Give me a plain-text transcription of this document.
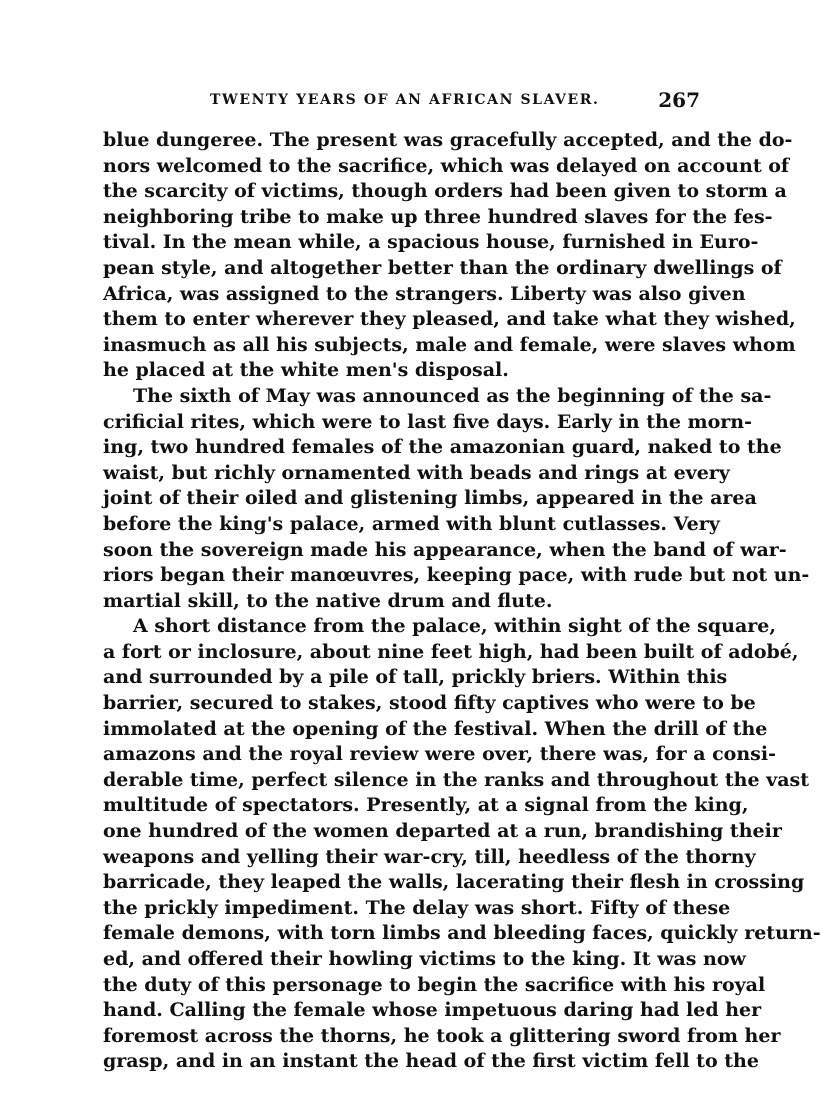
TWENTY YEARS OF AN AFRICAN SLAVER.	267
blue dungeree. The present was gracefully accepted, and the do-
nors welcomed to the sacrifice, which was delayed on account of
the scarcity of victims, though orders had been given to storm a
neighboring tribe to make up three hundred slaves for the fes-
tival. In the mean while, a spacious house, furnished in Euro-
pean style, and altogether better than the ordinary dwellings of
Africa, was assigned to the strangers. Liberty was also given
them to enter wherever they pleased, and take what they wished,
inasmuch as all his subjects, male and female, were slaves whom
he placed at the white men's disposal.
The sixth of May was announced as the beginning of the sa-
crificial rites, which were to last five days. Early in the morn-
ing, two hundred females of the amazonian guard, naked to the
waist, but richly ornamented with beads and rings at every
joint of their oiled and glistening limbs, appeared in the area
before the king's palace, armed with blunt cutlasses. Very
soon the sovereign made his appearance, when the band of war-
riors began their manœuvres, keeping pace, with rude but not un-
martial skill, to the native drum and flute.
A short distance from the palace, within sight of the square,
a fort or inclosure, about nine feet high, had been built of adobé,
and surrounded by a pile of tall, prickly briers. Within this
barrier, secured to stakes, stood fifty captives who were to be
immolated at the opening of the festival. When the drill of the
amazons and the royal review were over, there was, for a consi-
derable time, perfect silence in the ranks and throughout the vast
multitude of spectators. Presently, at a signal from the king,
one hundred of the women departed at a run, brandishing their
weapons and yelling their war-cry, till, heedless of the thorny
barricade, they leaped the walls, lacerating their flesh in crossing
the prickly impediment. The delay was short. Fifty of these
female demons, with torn limbs and bleeding faces, quickly return-
ed, and offered their howling victims to the king. It was now
the duty of this personage to begin the sacrifice with his royal
hand. Calling the female whose impetuous daring had led her
foremost across the thorns, he took a glittering sword from her
grasp, and in an instant the head of the first victim fell to the
